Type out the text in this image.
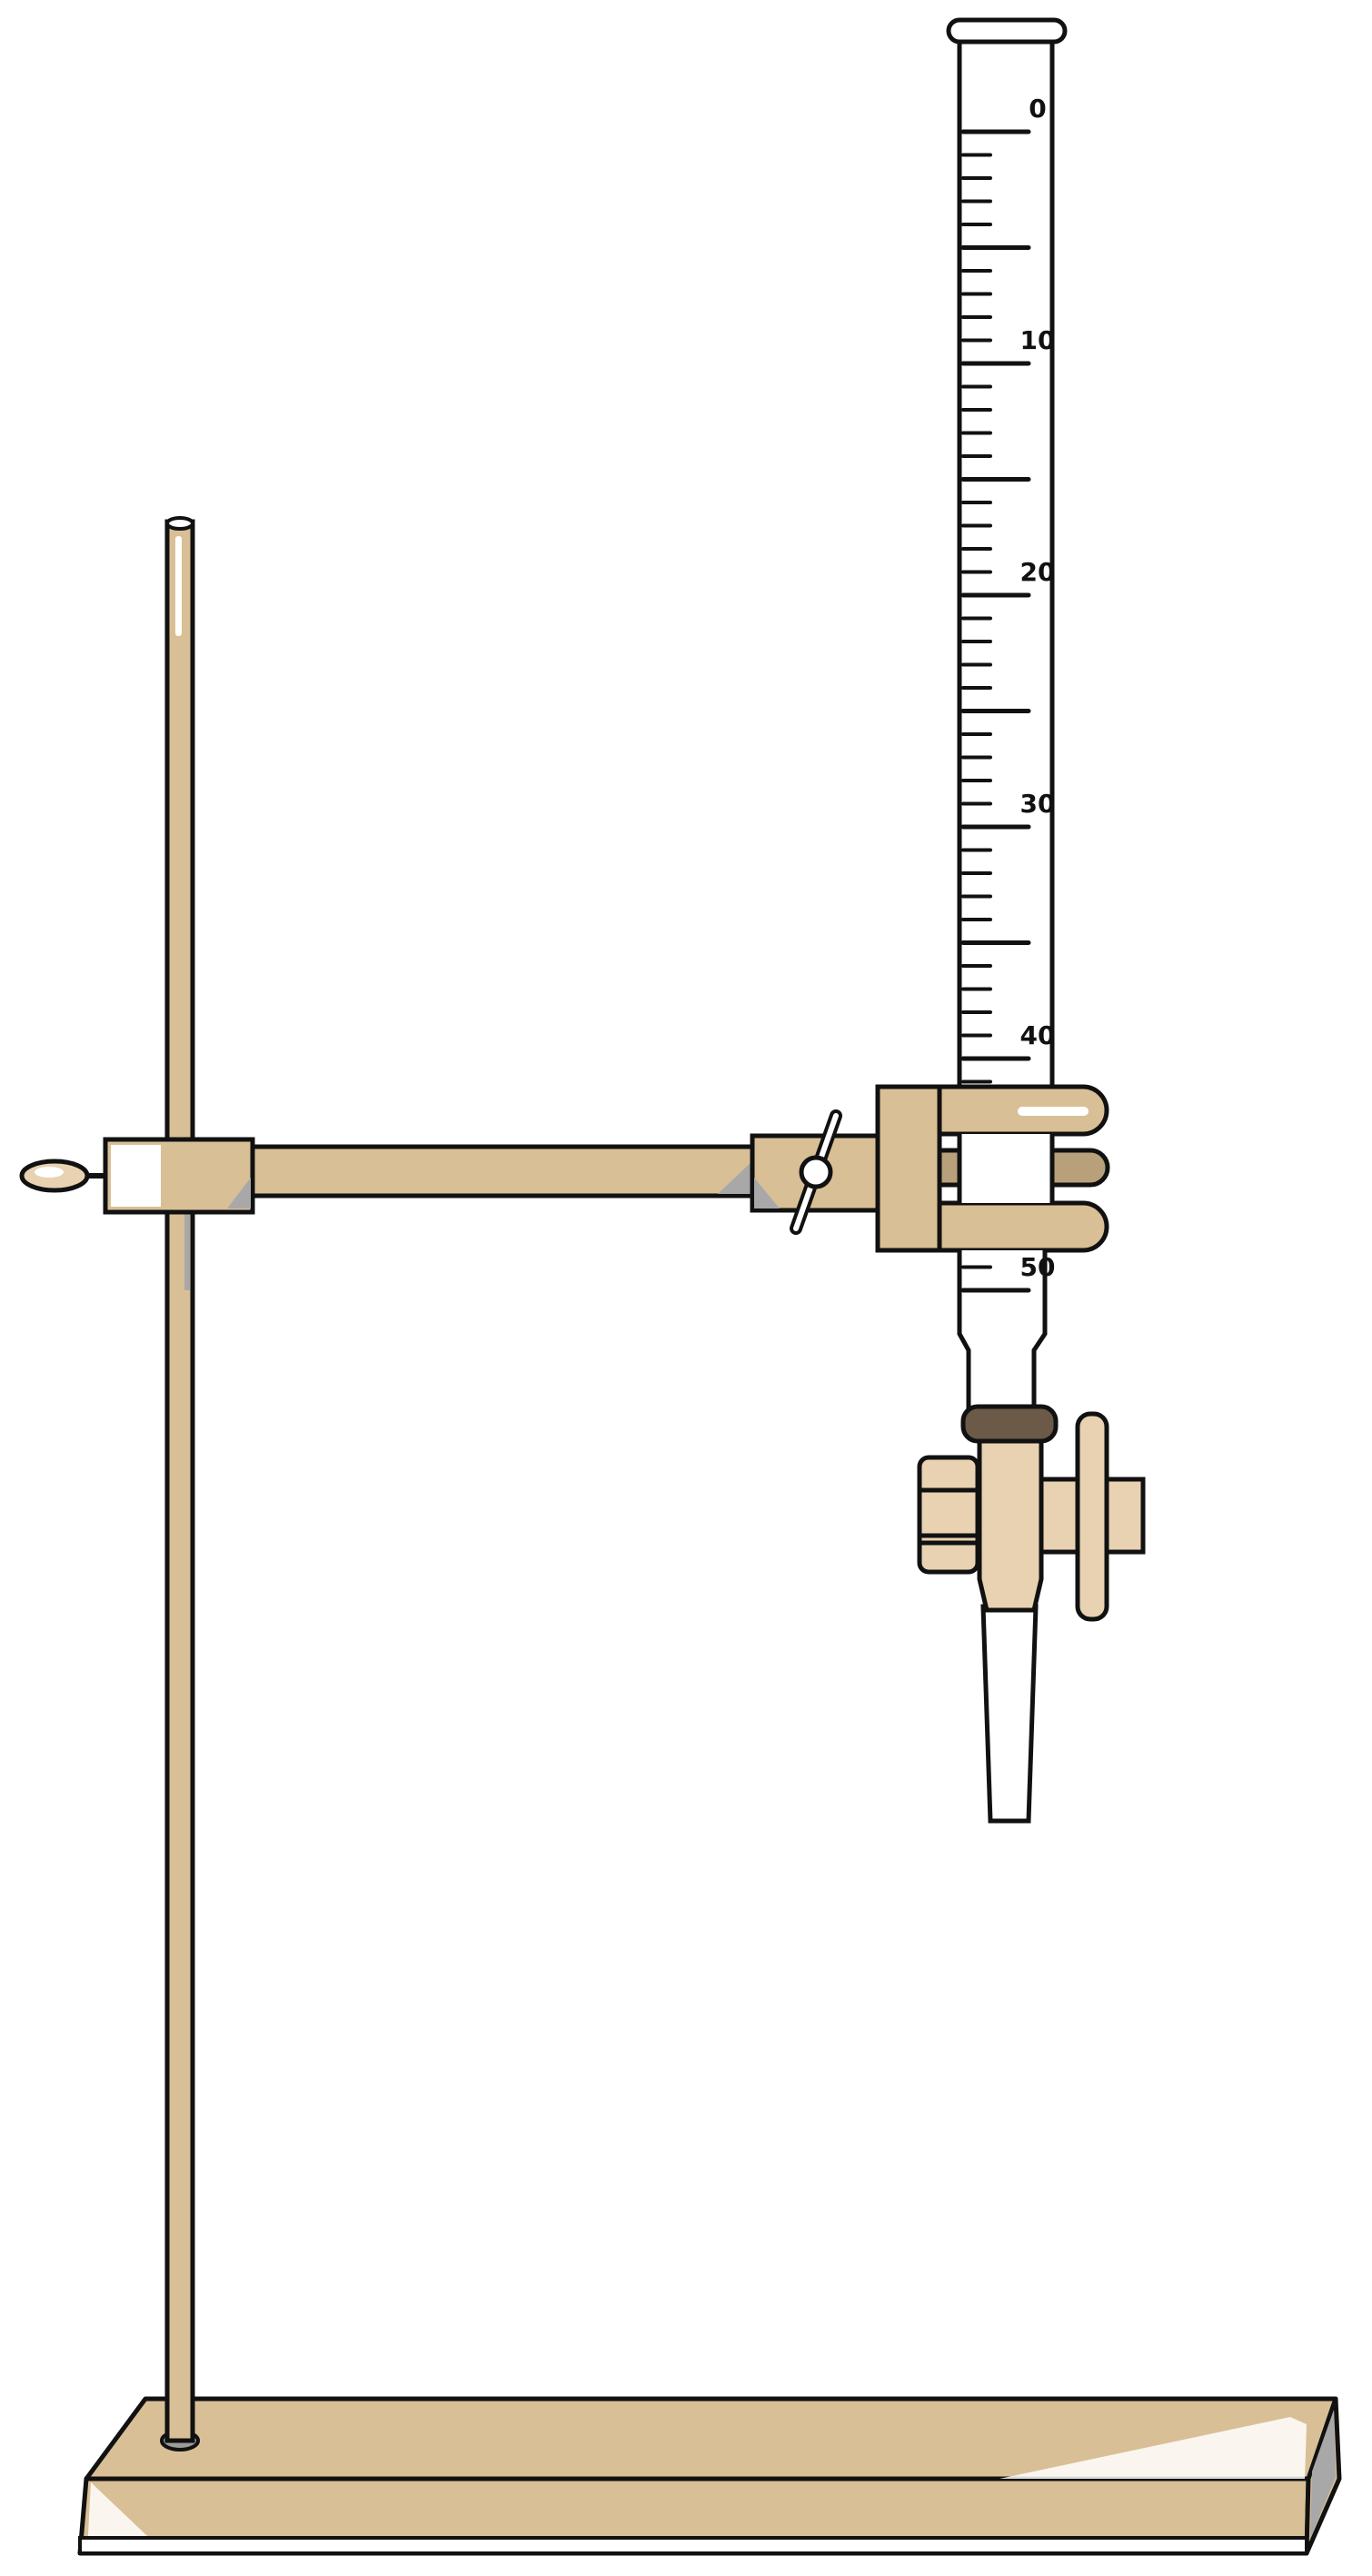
0
10
20
30
40
50
